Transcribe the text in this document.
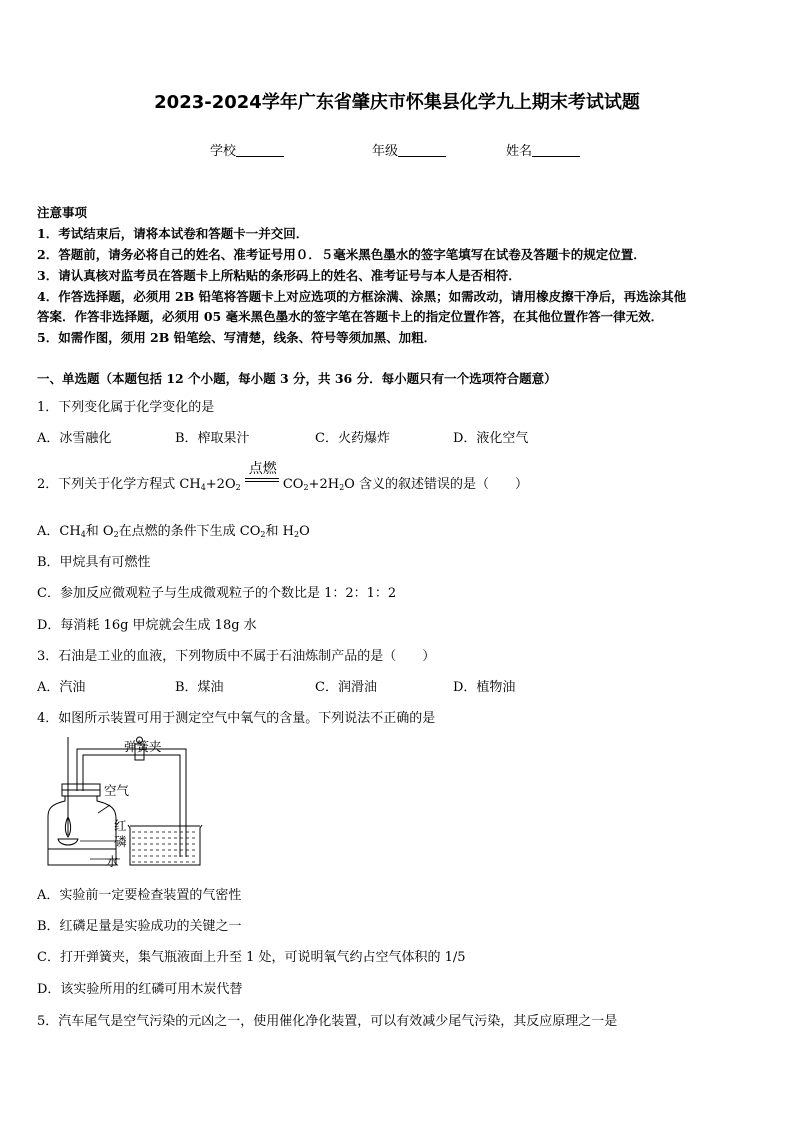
2023-2024学年广东省肇庆市怀集县化学九上期末考试试题
学校	年级	姓名
注意事项
1．考试结束后，请将本试卷和答题卡一并交回．
2．答题前，请务必将自己的姓名、准考证号用０．５毫米黑色墨水的签字笔填写在试卷及答题卡的规定位置．
3．请认真核对监考员在答题卡上所粘贴的条形码上的姓名、准考证号与本人是否相符．
4．作答选择题，必须用 2B 铅笔将答题卡上对应选项的方框涂满、涂黑；如需改动，请用橡皮擦干净后，再选涂其他
答案．作答非选择题，必须用 05 毫米黑色墨水的签字笔在答题卡上的指定位置作答，在其他位置作答一律无效．
5．如需作图，须用 2B 铅笔绘、写清楚，线条、符号等须加黑、加粗．
一、单选题（本题包括 12 个小题，每小题 3 分，共 36 分．每小题只有一个选项符合题意）
1．下列变化属于化学变化的是
A．冰雪融化	B．榨取果汁	C．火药爆炸	D．液化空气
2．下列关于化学方程式 $CH_4+2O_2$
点燃
$CO_2+2H_2O$ 含义的叙述错误的是（　　）
A．$CH_4$和 $O_2$在点燃的条件下生成 $CO_2$和 $H_2O$
B．甲烷具有可燃性
C．参加反应微观粒子与生成微观粒子的个数比是 1：2：1：2
D．每消耗 16g 甲烷就会生成 18g 水
3．石油是工业的血液，下列物质中不属于石油炼制产品的是（　　）
A．汽油	B．煤油	C．润滑油	D．植物油
4．如图所示装置可用于测定空气中氧气的含量。下列说法不正确的是
弹簧夹
空气
红
磷
水
A．实验前一定要检查装置的气密性
B．红磷足量是实验成功的关键之一
C．打开弹簧夹，集气瓶液面上升至 1 处，可说明氧气约占空气体积的 1/5
D．该实验所用的红磷可用木炭代替
5．汽车尾气是空气污染的元凶之一，使用催化净化装置，可以有效减少尾气污染，其反应原理之一是
